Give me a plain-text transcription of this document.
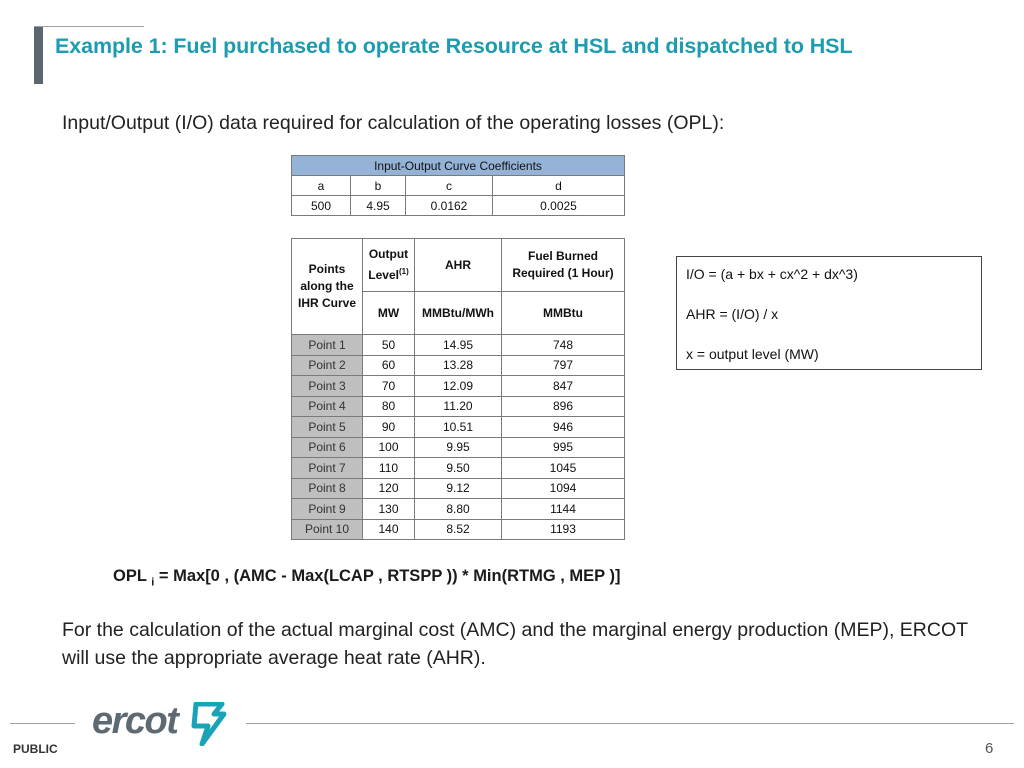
Example 1: Fuel purchased to operate Resource at HSL and dispatched to HSL
Input/Output (I/O) data required for calculation of the operating losses (OPL):
Input-Output Curve Coefficients			
a	b	c	d
500	4.95	0.0162	0.0025
Points along the IHR Curve	Output Level$^{(1)}$	AHR	Fuel Burned Required (1 Hour)
	MW	MMBtu/MWh	MMBtu
Point 1	50	14.95	748
Point 2	60	13.28	797
Point 3	70	12.09	847
Point 4	80	11.20	896
Point 5	90	10.51	946
Point 6	100	9.95	995
Point 7	110	9.50	1045
Point 8	120	9.12	1094
Point 9	130	8.80	1144
Point 10	140	8.52	1193
I/O = (a + bx + cx^2 + dx^3)
AHR = (I/O) / x
x = output level (MW)
OPL $_i$ = Max[0 , (AMC - Max(LCAP , RTSPP )) * Min(RTMG , MEP )]
For the calculation of the actual marginal cost (AMC) and the marginal energy production (MEP), ERCOT will use the appropriate average heat rate (AHR).
ercot
PUBLIC	6
